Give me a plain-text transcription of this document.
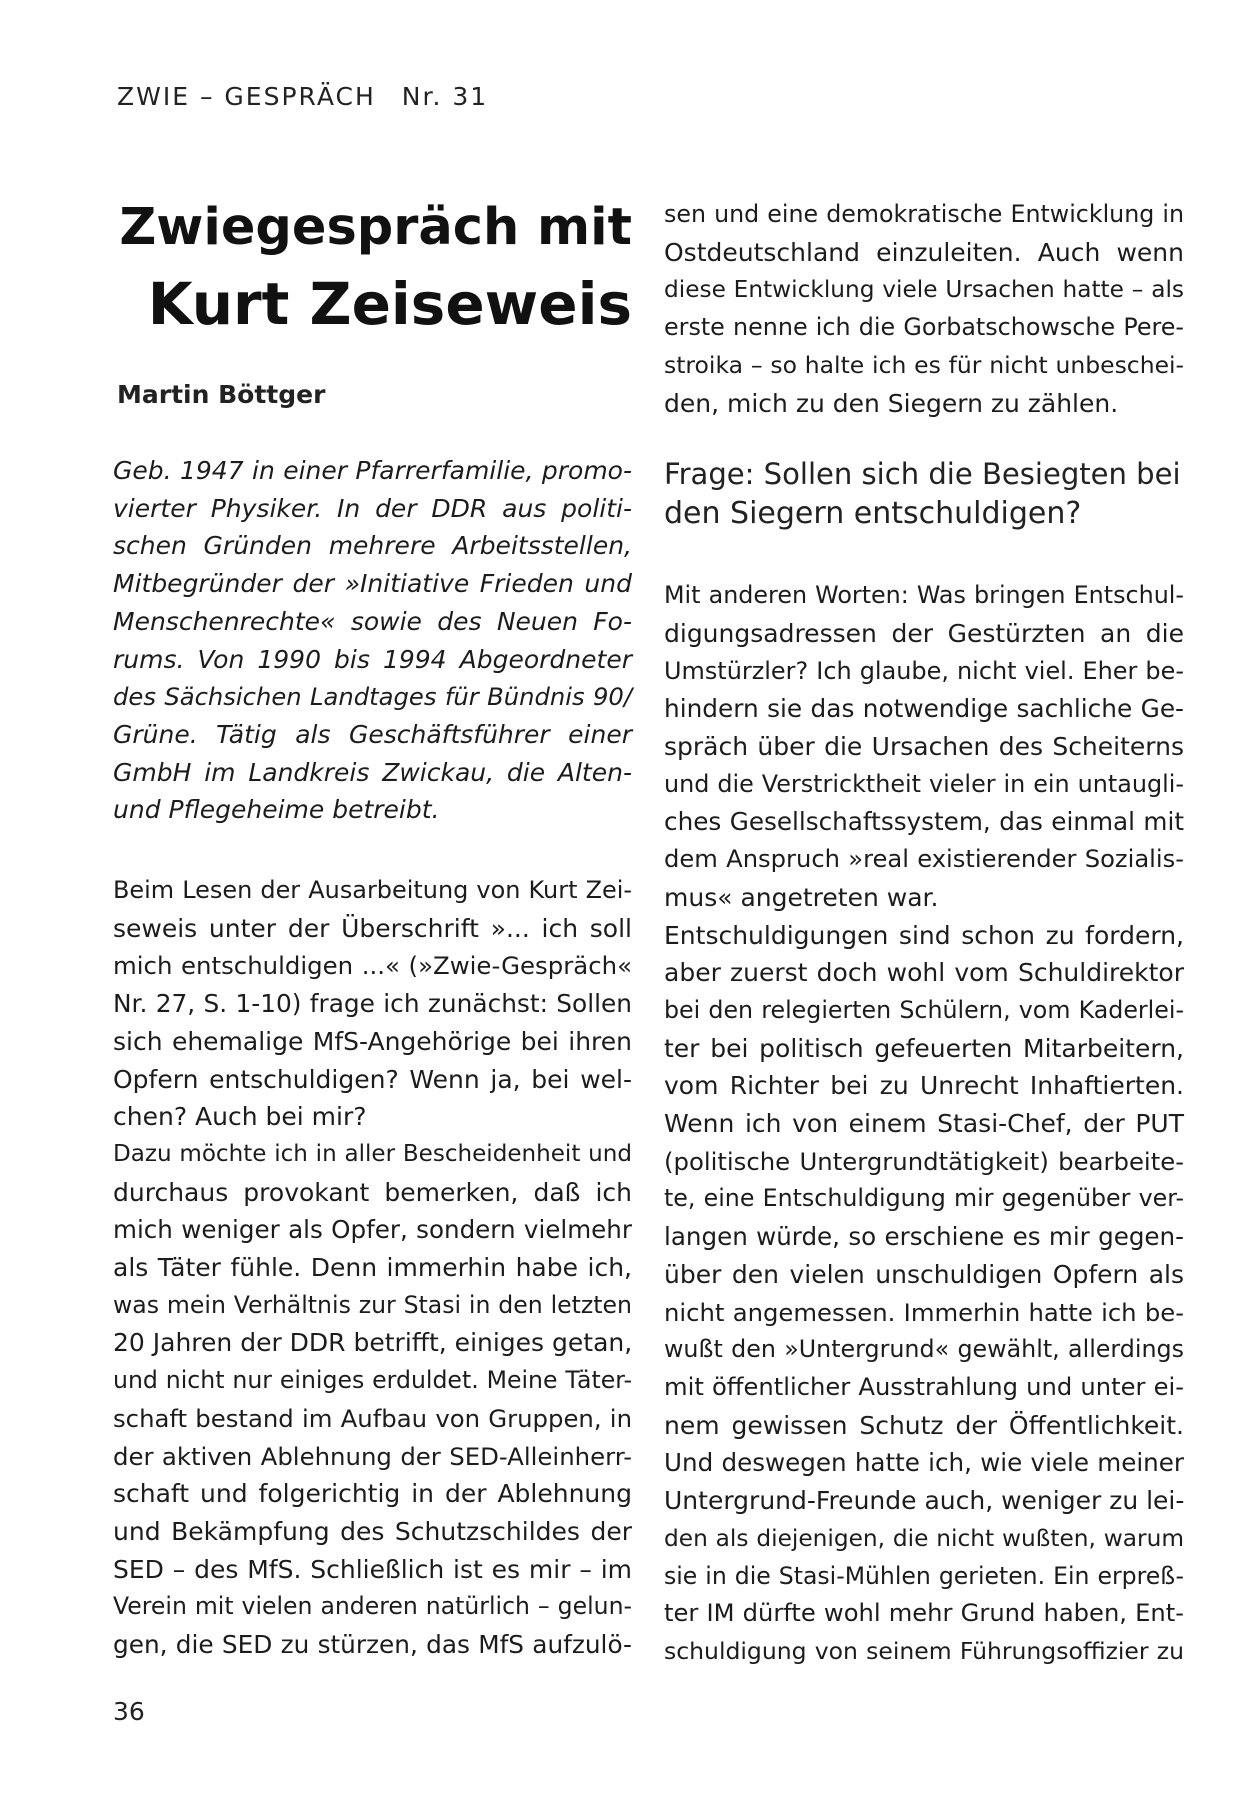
ZWIE – GESPRÄCH Nr. 31
Zwiegespräch mit
Kurt Zeiseweis
Martin Böttger
Geb. 1947 in einer Pfarrerfamilie, promo-
vierter Physiker. In der DDR aus politi-
schen Gründen mehrere Arbeitsstellen,
Mitbegründer der »Initiative Frieden und
Menschenrechte« sowie des Neuen Fo-
rums. Von 1990 bis 1994 Abgeordneter
des Sächsichen Landtages für Bündnis 90/
Grüne. Tätig als Geschäftsführer einer
GmbH im Landkreis Zwickau, die Alten-
und Pflegeheime betreibt.
Beim Lesen der Ausarbeitung von Kurt Zei-
seweis unter der Überschrift »... ich soll
mich entschuldigen ...« (»Zwie-Gespräch«
Nr. 27, S. 1-10) frage ich zunächst: Sollen
sich ehemalige MfS-Angehörige bei ihren
Opfern entschuldigen? Wenn ja, bei wel-
chen? Auch bei mir?
Dazu möchte ich in aller Bescheidenheit und
durchaus provokant bemerken, daß ich
mich weniger als Opfer, sondern vielmehr
als Täter fühle. Denn immerhin habe ich,
was mein Verhältnis zur Stasi in den letzten
20 Jahren der DDR betrifft, einiges getan,
und nicht nur einiges erduldet. Meine Täter-
schaft bestand im Aufbau von Gruppen, in
der aktiven Ablehnung der SED-Alleinherr-
schaft und folgerichtig in der Ablehnung
und Bekämpfung des Schutzschildes der
SED – des MfS. Schließlich ist es mir – im
Verein mit vielen anderen natürlich – gelun-
gen, die SED zu stürzen, das MfS aufzulö-
sen und eine demokratische Entwicklung in
Ostdeutschland einzuleiten. Auch wenn
diese Entwicklung viele Ursachen hatte – als
erste nenne ich die Gorbatschowsche Pere-
stroika – so halte ich es für nicht unbeschei-
den, mich zu den Siegern zu zählen.
Frage: Sollen sich die Besiegten bei
den Siegern entschuldigen?
Mit anderen Worten: Was bringen Entschul-
digungsadressen der Gestürzten an die
Umstürzler? Ich glaube, nicht viel. Eher be-
hindern sie das notwendige sachliche Ge-
spräch über die Ursachen des Scheiterns
und die Verstricktheit vieler in ein untaugli-
ches Gesellschaftssystem, das einmal mit
dem Anspruch »real existierender Sozialis-
mus« angetreten war.
Entschuldigungen sind schon zu fordern,
aber zuerst doch wohl vom Schuldirektor
bei den relegierten Schülern, vom Kaderlei-
ter bei politisch gefeuerten Mitarbeitern,
vom Richter bei zu Unrecht Inhaftierten.
Wenn ich von einem Stasi-Chef, der PUT
(politische Untergrundtätigkeit) bearbeite-
te, eine Entschuldigung mir gegenüber ver-
langen würde, so erschiene es mir gegen-
über den vielen unschuldigen Opfern als
nicht angemessen. Immerhin hatte ich be-
wußt den »Untergrund« gewählt, allerdings
mit öffentlicher Ausstrahlung und unter ei-
nem gewissen Schutz der Öffentlichkeit.
Und deswegen hatte ich, wie viele meiner
Untergrund-Freunde auch, weniger zu lei-
den als diejenigen, die nicht wußten, warum
sie in die Stasi-Mühlen gerieten. Ein erpreß-
ter IM dürfte wohl mehr Grund haben, Ent-
schuldigung von seinem Führungsoffizier zu
36
